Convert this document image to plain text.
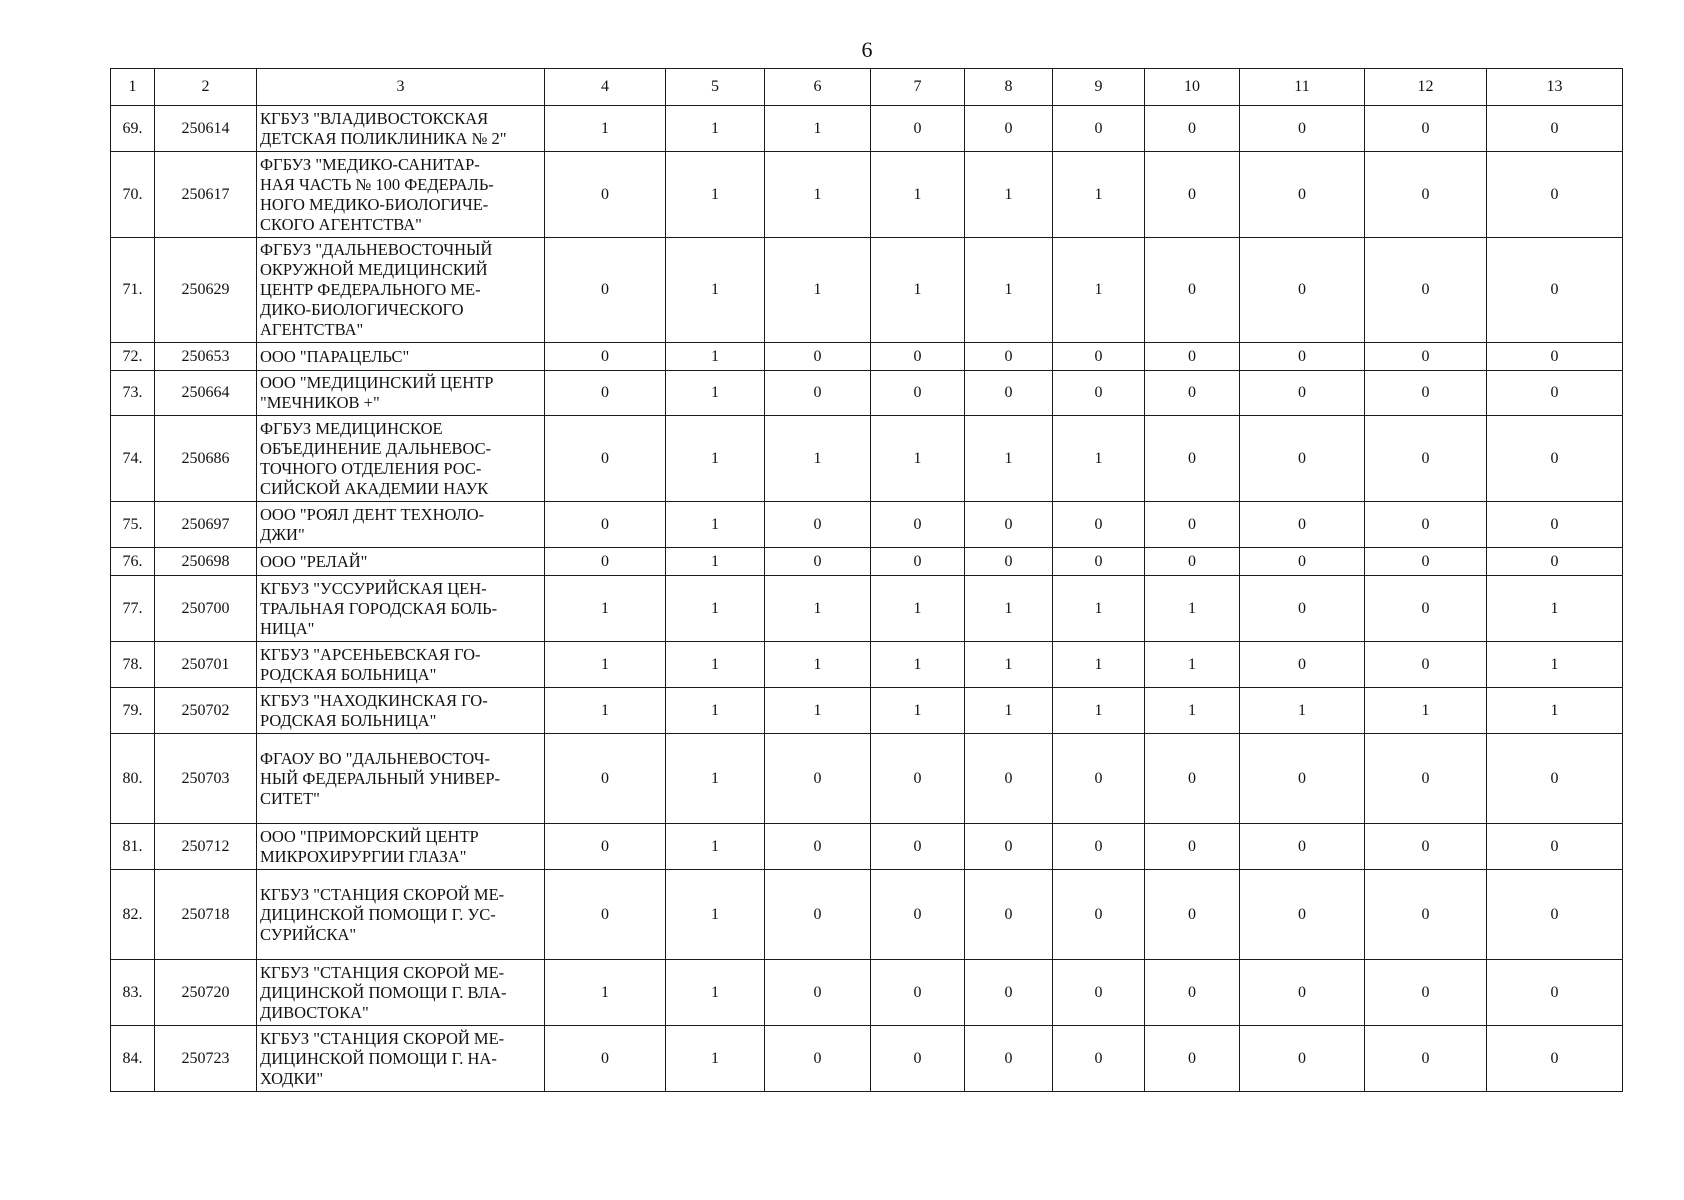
6
1	2	3	4	5	6	7	8	9	10	11	12	13
69.	250614	КГБУЗ "ВЛАДИВОСТОКСКАЯ
ДЕТСКАЯ ПОЛИКЛИНИКА № 2"	1	1	1	0	0	0	0	0	0	0
70.	250617	ФГБУЗ "МЕДИКО-САНИТАР-
НАЯ ЧАСТЬ № 100 ФЕДЕРАЛЬ-
НОГО МЕДИКО-БИОЛОГИЧЕ-
СКОГО АГЕНТСТВА"	0	1	1	1	1	1	0	0	0	0
71.	250629	ФГБУЗ "ДАЛЬНЕВОСТОЧНЫЙ
ОКРУЖНОЙ МЕДИЦИНСКИЙ
ЦЕНТР ФЕДЕРАЛЬНОГО МЕ-
ДИКО-БИОЛОГИЧЕСКОГО
АГЕНТСТВА"	0	1	1	1	1	1	0	0	0	0
72.	250653	ООО "ПАРАЦЕЛЬС"	0	1	0	0	0	0	0	0	0	0
73.	250664	ООО "МЕДИЦИНСКИЙ ЦЕНТР
"МЕЧНИКОВ +"	0	1	0	0	0	0	0	0	0	0
74.	250686	ФГБУЗ МЕДИЦИНСКОЕ
ОБЪЕДИНЕНИЕ ДАЛЬНЕВОС-
ТОЧНОГО ОТДЕЛЕНИЯ РОС-
СИЙСКОЙ АКАДЕМИИ НАУК	0	1	1	1	1	1	0	0	0	0
75.	250697	ООО "РОЯЛ ДЕНТ ТЕХНОЛО-
ДЖИ"	0	1	0	0	0	0	0	0	0	0
76.	250698	ООО "РЕЛАЙ"	0	1	0	0	0	0	0	0	0	0
77.	250700	КГБУЗ "УССУРИЙСКАЯ ЦЕН-
ТРАЛЬНАЯ ГОРОДСКАЯ БОЛЬ-
НИЦА"	1	1	1	1	1	1	1	0	0	1
78.	250701	КГБУЗ "АРСЕНЬЕВСКАЯ ГО-
РОДСКАЯ БОЛЬНИЦА"	1	1	1	1	1	1	1	0	0	1
79.	250702	КГБУЗ "НАХОДКИНСКАЯ ГО-
РОДСКАЯ БОЛЬНИЦА"	1	1	1	1	1	1	1	1	1	1
80.	250703	ФГАОУ ВО "ДАЛЬНЕВОСТОЧ-
НЫЙ ФЕДЕРАЛЬНЫЙ УНИВЕР-
СИТЕТ"	0	1	0	0	0	0	0	0	0	0
81.	250712	ООО "ПРИМОРСКИЙ ЦЕНТР
МИКРОХИРУРГИИ ГЛАЗА"	0	1	0	0	0	0	0	0	0	0
82.	250718	КГБУЗ "СТАНЦИЯ СКОРОЙ МЕ-
ДИЦИНСКОЙ ПОМОЩИ Г. УС-
СУРИЙСКА"	0	1	0	0	0	0	0	0	0	0
83.	250720	КГБУЗ "СТАНЦИЯ СКОРОЙ МЕ-
ДИЦИНСКОЙ ПОМОЩИ Г. ВЛА-
ДИВОСТОКА"	1	1	0	0	0	0	0	0	0	0
84.	250723	КГБУЗ "СТАНЦИЯ СКОРОЙ МЕ-
ДИЦИНСКОЙ ПОМОЩИ Г. НА-
ХОДКИ"	0	1	0	0	0	0	0	0	0	0
